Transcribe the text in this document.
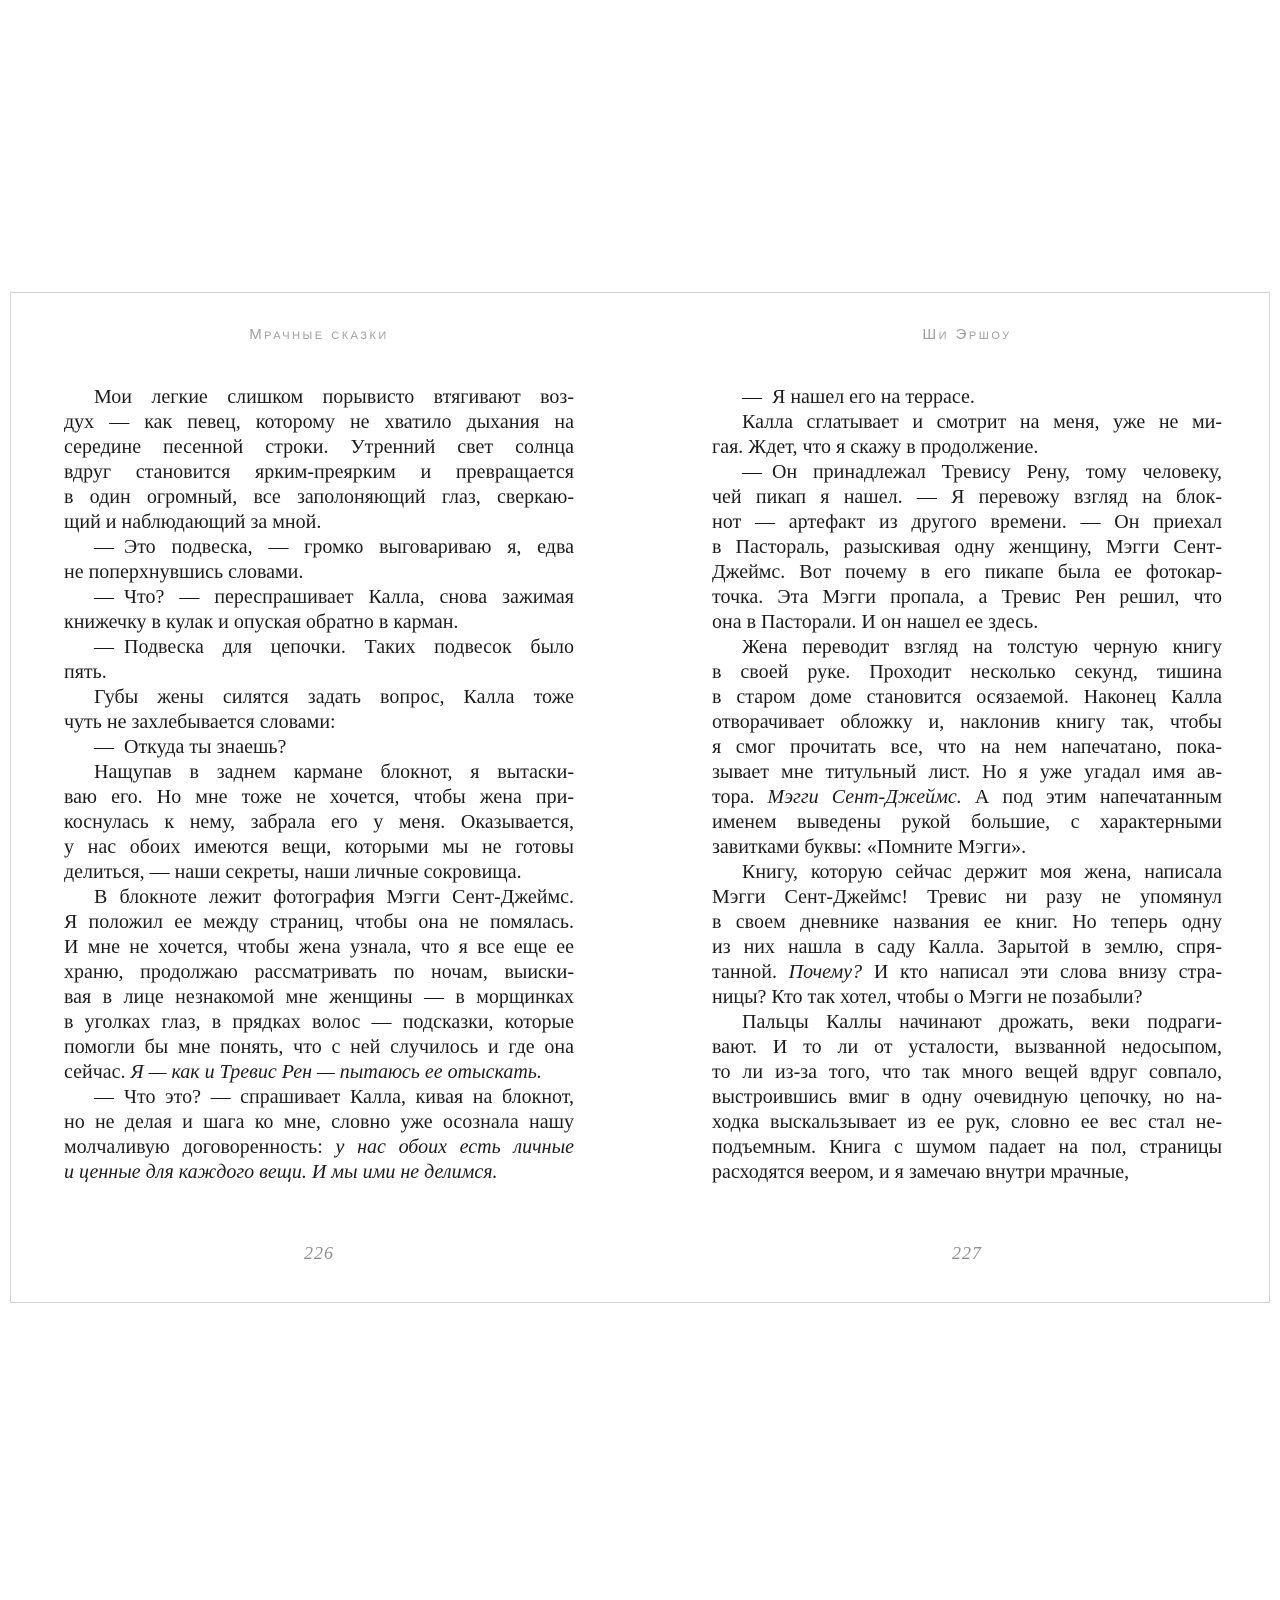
Мрачные сказки
Мои легкие слишком порывисто втягивают воз-
дух — как певец, которому не хватило дыхания на
середине песенной строки. Утренний свет солнца
вдруг становится ярким-преярким и превращается
в один огромный, все заполоняющий глаз, сверкаю-
щий и наблюдающий за мной.
— Это подвеска, — громко выговариваю я, едва
не поперхнувшись словами.
— Что? — переспрашивает Калла, снова зажимая
книжечку в кулак и опуская обратно в карман.
— Подвеска для цепочки. Таких подвесок было
пять.
Губы жены силятся задать вопрос, Калла тоже
чуть не захлебывается словами:
— Откуда ты знаешь?
Нащупав в заднем кармане блокнот, я вытаски-
ваю его. Но мне тоже не хочется, чтобы жена при-
коснулась к нему, забрала его у меня. Оказывается,
у нас обоих имеются вещи, которыми мы не готовы
делиться, — наши секреты, наши личные сокровища.
В блокноте лежит фотография Мэгги Сент-Джеймс.
Я положил ее между страниц, чтобы она не помялась.
И мне не хочется, чтобы жена узнала, что я все еще ее
храню, продолжаю рассматривать по ночам, выиски-
вая в лице незнакомой мне женщины — в морщинках
в уголках глаз, в прядках волос — подсказки, которые
помогли бы мне понять, что с ней случилось и где она
сейчас. Я — как и Тревис Рен — пытаюсь ее отыскать.
— Что это? — спрашивает Калла, кивая на блокнот,
но не делая и шага ко мне, словно уже осознала нашу
молчаливую договоренность: у нас обоих есть личные
и ценные для каждого вещи. И мы ими не делимся.
226
Ши Эршоу
— Я нашел его на террасе.
Калла сглатывает и смотрит на меня, уже не ми-
гая. Ждет, что я скажу в продолжение.
— Он принадлежал Тревису Рену, тому человеку,
чей пикап я нашел. — Я перевожу взгляд на блок-
нот — артефакт из другого времени. — Он приехал
в Пастораль, разыскивая одну женщину, Мэгги Сент-
Джеймс. Вот почему в его пикапе была ее фотокар-
точка. Эта Мэгги пропала, а Тревис Рен решил, что
она в Пасторали. И он нашел ее здесь.
Жена переводит взгляд на толстую черную книгу
в своей руке. Проходит несколько секунд, тишина
в старом доме становится осязаемой. Наконец Калла
отворачивает обложку и, наклонив книгу так, чтобы
я смог прочитать все, что на нем напечатано, пока-
зывает мне титульный лист. Но я уже угадал имя ав-
тора. Мэгги Сент-Джеймс. А под этим напечатанным
именем выведены рукой большие, с характерными
завитками буквы: «Помните Мэгги».
Книгу, которую сейчас держит моя жена, написала
Мэгги Сент-Джеймс! Тревис ни разу не упомянул
в своем дневнике названия ее книг. Но теперь одну
из них нашла в саду Калла. Зарытой в землю, спря-
танной. Почему? И кто написал эти слова внизу стра-
ницы? Кто так хотел, чтобы о Мэгги не позабыли?
Пальцы Каллы начинают дрожать, веки подраги-
вают. И то ли от усталости, вызванной недосыпом,
то ли из-за того, что так много вещей вдруг совпало,
выстроившись вмиг в одну очевидную цепочку, но на-
ходка выскальзывает из ее рук, словно ее вес стал не-
подъемным. Книга с шумом падает на пол, страницы
расходятся веером, и я замечаю внутри мрачные,
227
